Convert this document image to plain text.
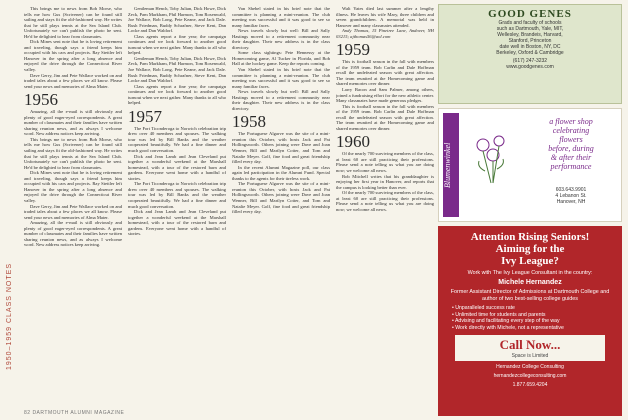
1950–1959 CLASS NOTES

This brings me to news from Bob Morse, who tells me how Gus (Scrivener) can be found still sailing and stays fit the old-fashioned way. He writes that he still plays tennis at the Sea Island Club. Unfortunately we can't publish the photo he sent. He'd be delighted to hear from classmates.

Dick Mines sent note that he is loving retirement and traveling, though says a friend keeps him occupied with his cars and projects. Ray Stettler left Hanover in the spring after a long absence and enjoyed the drive through the Connecticut River valley.

Dave Gerry, Jim and Pete Wallace worked on and traded tales about a few places we all know. Please send your news and memories of Alma Mater.

1956

Amazing, all the e-mail is still obviously and plenty of good eager-eyed correspondents. A great number of classmates and their families have written sharing reunion news, and as always I welcome word. New address notices keep arriving.

This brings me to news from Bob Morse, who tells me how Gus (Scrivener) can be found still sailing and stays fit the old-fashioned way. He writes that he still plays tennis at the Sea Island Club. Unfortunately we can't publish the photo he sent. He'd be delighted to hear from classmates.

Dick Mines sent note that he is loving retirement and traveling, though says a friend keeps him occupied with his cars and projects. Ray Stettler left Hanover in the spring after a long absence and enjoyed the drive through the Connecticut River valley.

Dave Gerry, Jim and Pete Wallace worked on and traded tales about a few places we all know. Please send your news and memories of Alma Mater.

Amazing, all the e-mail is still obviously and plenty of good eager-eyed correspondents. A great number of classmates and their families have written sharing reunion news, and as always I welcome word. New address notices keep arriving.

Gentleman Hench, Toby Julian, Dick Howe, Dick Zeck, Pam Markham, Phil Harmon, Tom Rosenwald, Joe Wallace, Bob Long, Pete Keane, and Jack Dale. Rush Friedman, Buddy Schrafner, Steve Kent, Dan Locke and Dan Waldorf.

Class agents report a fine year; the campaign continues and we look forward to another good turnout when we next gather. Many thanks to all who helped.

Gentleman Hench, Toby Julian, Dick Howe, Dick Zeck, Pam Markham, Phil Harmon, Tom Rosenwald, Joe Wallace, Bob Long, Pete Keane, and Jack Dale. Rush Friedman, Buddy Schrafner, Steve Kent, Dan Locke and Dan Waldorf.

Class agents report a fine year; the campaign continues and we look forward to another good turnout when we next gather. Many thanks to all who helped.

1957

The Fort Ticonderoga to Norwich celebration trip drew over 40 members and spouses. The walking tour was led by Bill Banks and the weather cooperated beautifully. We had a fine dinner and much good conversation.

Dick and Jean Lamb and Jean Cleveland put together a wonderful weekend at the Marshall homestead, with a tour of the restored barn and gardens. Everyone went home with a handful of stories.

The Fort Ticonderoga to Norwich celebration trip drew over 40 members and spouses. The walking tour was led by Bill Banks and the weather cooperated beautifully. We had a fine dinner and much good conversation.

Dick and Jean Lamb and Jean Cleveland put together a wonderful weekend at the Marshall homestead, with a tour of the restored barn and gardens. Everyone went home with a handful of stories.

Van Shebel stated in his brief note that the committee is planning a mini-reunion. The club meeting was successful and it was good to see so many familiar faces.

News travels slowly but well: Bill and Sally Hastings moved to a retirement community near their daughter. Their new address is in the class directory.

Some class sightings: Pete Hennessy at the Homecoming game, Al Tucker in Florida, and Bob Hall at the hockey game. Keep the reports coming.

Van Shebel stated in his brief note that the committee is planning a mini-reunion. The club meeting was successful and it was good to see so many familiar faces.

News travels slowly but well: Bill and Sally Hastings moved to a retirement community near their daughter. Their new address is in the class directory.

1958

The Portuguese Algarve was the site of a mini-reunion this October, with hosts Jack and Pat Hollingsworth. Others joining were Dave and Joan Wenner, Bill and Marilyn Cotter, and Tom and Natalie Meyer. Golf, fine food and great friendship filled every day.

In the recent Alumni Magazine poll, our class again led participation in the Alumni Fund. Special thanks to the agents for their tireless work.

The Portuguese Algarve was the site of a mini-reunion this October, with hosts Jack and Pat Hollingsworth. Others joining were Dave and Joan Wenner, Bill and Marilyn Cotter, and Tom and Natalie Meyer. Golf, fine food and great friendship filled every day.

Walt Yates died last summer after a lengthy illness. He leaves his wife Mary, three children and seven grandchildren. A memorial was held in Hanover and many classmates attended.

Andy Thomas, 15 Pinetree Lane, Andover, NH 03215; ajthomas56@aol.com

1959

This is football season in the fall with members of the 1959 team. Bob Carlin and Dale Hoffman recall the undefeated season with great affection. The team reunited at the Homecoming game and shared memories over dinner.

Larry Bacon and Sam Palmer, among others, joined a fundraising effort for the new athletic center. Many classmates have made generous pledges.

This is football season in the fall with members of the 1959 team. Bob Carlin and Dale Hoffman recall the undefeated season with great affection. The team reunited at the Homecoming game and shared memories over dinner.

1960

Of the nearly 700 surviving members of the class, at least 60 are still practicing their professions. Please send a note telling us what you are doing now; we welcome all news.

Bob Mitchell writes that his granddaughter is enjoying her first year in Hanover, and reports that the campus is looking better than ever.

Of the nearly 700 surviving members of the class, at least 60 are still practicing their professions. Please send a note telling us what you are doing now; we welcome all news.

82 DARTMOUTH ALUMNI MAGAZINE
GOOD GENES
Grads and faculty of schools
such as Dartmouth, Yale, MIT,
Wellesley, Brandeis, Harvard,
Stanford, Princeton
date well in Boston, NY, DC
Berkeley, Oxford & Cambridge
(617) 247-3232
www.goodgenes.com
Blumenwinkel
a flower shop
celebrating
flowers
before, during
& after their
performance
603.643.9901
4 Lebanon St.
Hanover, NH
Attention Rising Seniors!
Aiming for the
Ivy League?
Work with The Ivy League Consultant in the country:
Michele Hernandez
Former Assistant Director of Admissions at Dartmouth College and author of two best-selling college guides
• Unparalleled success rate
• Unlimited time for students and parents
• Advising and facilitating every step of the way
• Work directly with Michele, not a representative
Call Now...
Space is Limited
Hernandez College Consulting
hernandezcollegeconsulting.com
1.877.659.4204
